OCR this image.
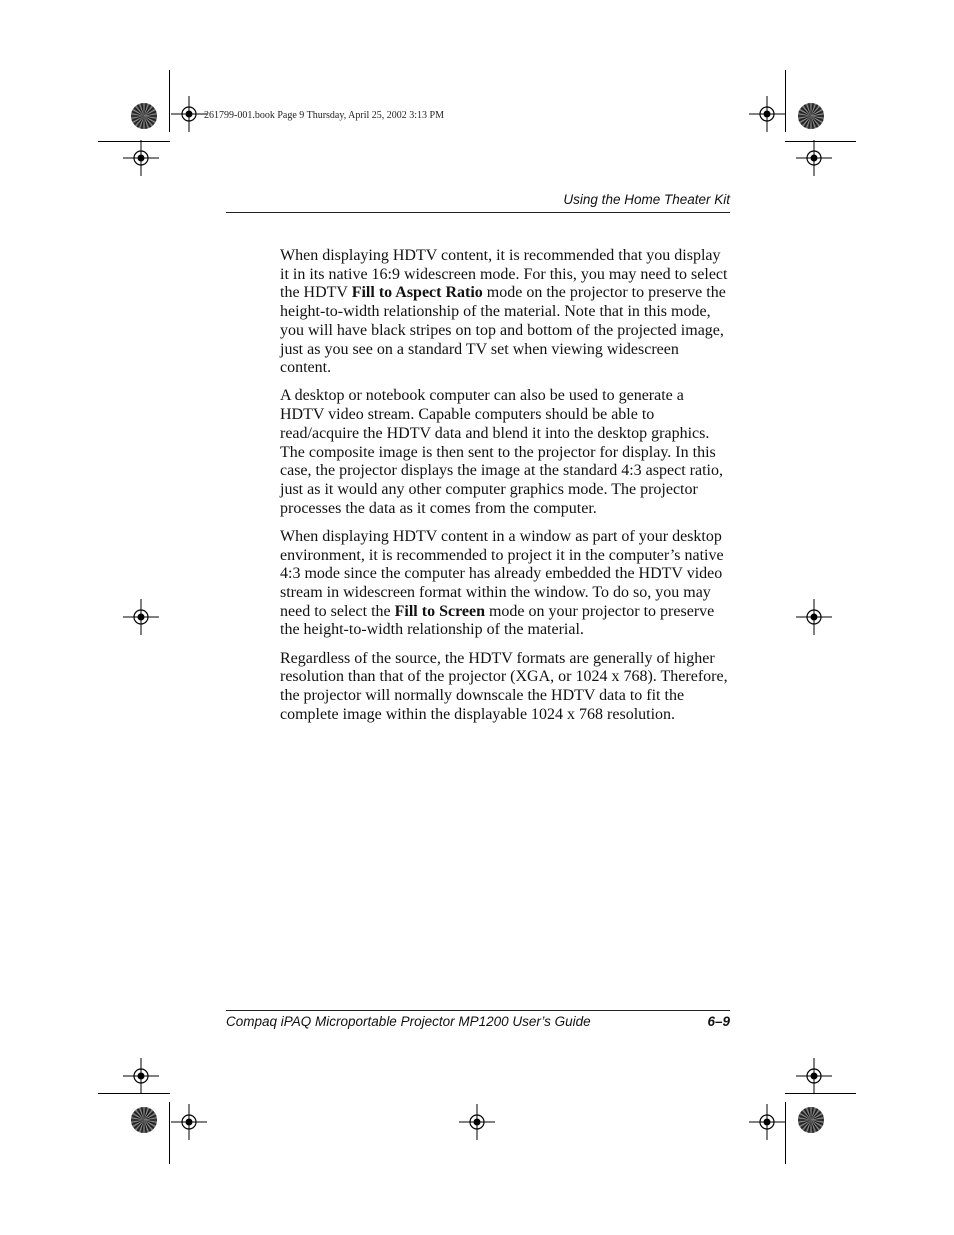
261799-001.book Page 9 Thursday, April 25, 2002 3:13 PM
Using the Home Theater Kit

When displaying HDTV content, it is recommended that you display it in its native 16:9 widescreen mode. For this, you may need to select the HDTV Fill to Aspect Ratio mode on the projector to preserve the height-to-width relationship of the material. Note that in this mode, you will have black stripes on top and bottom of the projected image, just as you see on a standard TV set when viewing widescreen content.

A desktop or notebook computer can also be used to generate a HDTV video stream. Capable computers should be able to read/acquire the HDTV data and blend it into the desktop graphics. The composite image is then sent to the projector for display. In this case, the projector displays the image at the standard 4:3 aspect ratio, just as it would any other computer graphics mode. The projector processes the data as it comes from the computer.

When displaying HDTV content in a window as part of your desktop environment, it is recommended to project it in the computer’s native 4:3 mode since the computer has already embedded the HDTV video stream in widescreen format within the window. To do so, you may need to select the Fill to Screen mode on your projector to preserve the height-to-width relationship of the material.

Regardless of the source, the HDTV formats are generally of higher resolution than that of the projector (XGA, or 1024 x 768). Therefore, the projector will normally downscale the HDTV data to fit the complete image within the displayable 1024 x 768 resolution.

Compaq iPAQ Microportable Projector MP1200 User’s Guide	6–9
